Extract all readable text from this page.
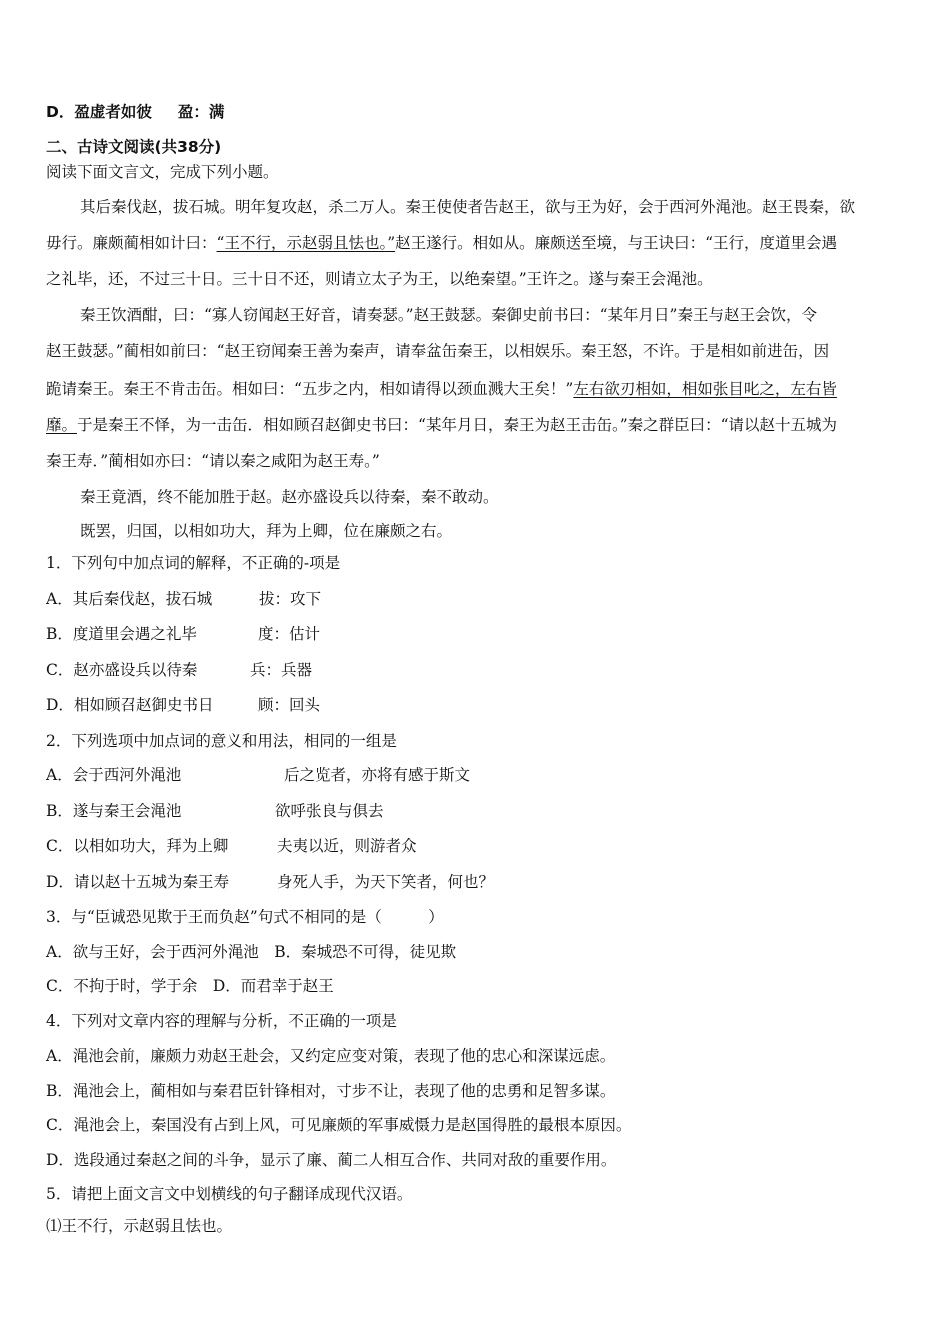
D．盈虚者如彼 盈：满
二、古诗文阅读(共38分)
阅读下面文言文，完成下列小题。
其后秦伐赵，拔石城。明年复攻赵，杀二万人。秦王使使者告赵王，欲与王为好，会于西河外渑池。赵王畏秦，欲
毋行。廉颇蔺相如计曰：“王不行，示赵弱且怯也。”赵王遂行。相如从。廉颇送至境，与王诀曰：“王行，度道里会遇
之礼毕，还，不过三十日。三十日不还，则请立太子为王，以绝秦望。”王许之。遂与秦王会渑池。
秦王饮酒酣，曰：“寡人窃闻赵王好音，请奏瑟。”赵王鼓瑟。秦御史前书曰：“某年月日”秦王与赵王会饮，令
赵王鼓瑟。”蔺相如前曰：“赵王窃闻秦王善为秦声，请奉盆缶秦王，以相娱乐。秦王怒，不许。于是相如前进缶，因
跪请秦王。秦王不肯击缶。相如曰：“五步之内，相如请得以颈血溅大王矣！”左右欲刃相如，相如张目叱之，左右皆
靡。于是秦王不怿，为一击缶．相如顾召赵御史书曰：“某年月日，秦王为赵王击缶。”秦之群臣曰：“请以赵十五城为
秦王寿．”蔺相如亦曰：“请以秦之咸阳为赵王寿。”
秦王竟酒，终不能加胜于赵。赵亦盛设兵以待秦，秦不敢动。
既罢，归国，以相如功大，拜为上卿，位在廉颇之右。
1．下列句中加点词的解释，不正确的-项是
A．其后秦伐赵，拔石城	拔：攻下
B．度道里会遇之礼毕	度：估计
C．赵亦盛设兵以待秦	兵：兵器
D．相如顾召赵御史书日	顾：回头
2．下列选项中加点词的意义和用法，相同的一组是
A．会于西河外渑池	后之览者，亦将有感于斯文
B．遂与秦王会渑池	欲呼张良与俱去
C．以相如功大，拜为上卿	夫夷以近，则游者众
D．请以赵十五城为秦王寿	身死人手，为天下笑者，何也？
3．与“臣诚恐见欺于王而负赵”句式不相同的是（　　　）
A．欲与王好，会于西河外渑池　B．秦城恐不可得，徒见欺
C．不拘于时，学于余　D．而君幸于赵王
4．下列对文章内容的理解与分析，不正确的一项是
A．渑池会前，廉颇力劝赵王赴会，又约定应变对策，表现了他的忠心和深谋远虑。
B．渑池会上，蔺相如与秦君臣针锋相对，寸步不让，表现了他的忠勇和足智多谋。
C．渑池会上，秦国没有占到上风，可见廉颇的军事威慑力是赵国得胜的最根本原因。
D．选段通过秦赵之间的斗争，显示了廉、蔺二人相互合作、共同对敌的重要作用。
5．请把上面文言文中划横线的句子翻译成现代汉语。
⑴王不行，示赵弱且怯也。
